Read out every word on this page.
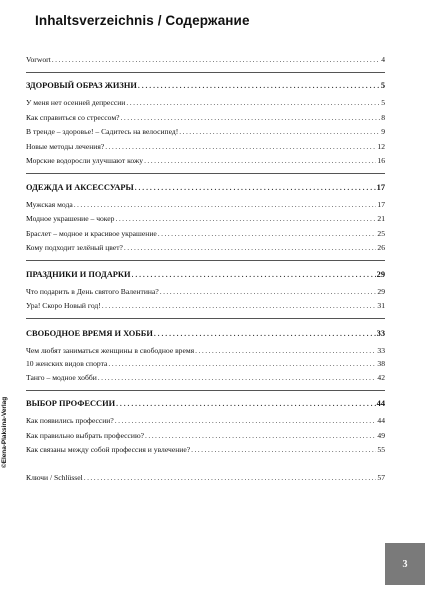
Inhaltsverzeichnis / Содержание
Vorwort .....	4
ЗДОРОВЫЙ ОБРАЗ ЖИЗНИ .....	5
У меня нет осенней депрессии .....	5
Как справиться со стрессом? .....	8
В тренде – здоровье! – Садитесь на велосипед! .....	9
Новые методы лечения? .....	12
Морские водоросли улучшают кожу .....	16
ОДЕЖДА И АКСЕССУАРЫ .....	17
Мужская мода .....	17
Модное украшение – чокер .....	21
Браслет – модное и красивое украшение .....	25
Кому подходит зелёный цвет? .....	26
ПРАЗДНИКИ И ПОДАРКИ .....	29
Что подарить в День святого Валентина? .....	29
Ура! Скоро Новый год! .....	31
СВОБОДНОЕ ВРЕМЯ И ХОББИ .....	33
Чем любят заниматься женщины в свободное время .....	33
10 женских видов спорта .....	38
Танго – модное хобби .....	42
ВЫБОР ПРОФЕССИИ .....	44
Как появились профессии? .....	44
Как правильно выбрать профессию? .....	49
Как связаны между собой профессия и увлечение? .....	55
Ключи / Schlüssel .....	57
©Elena-Plaksina-Verlag
3
